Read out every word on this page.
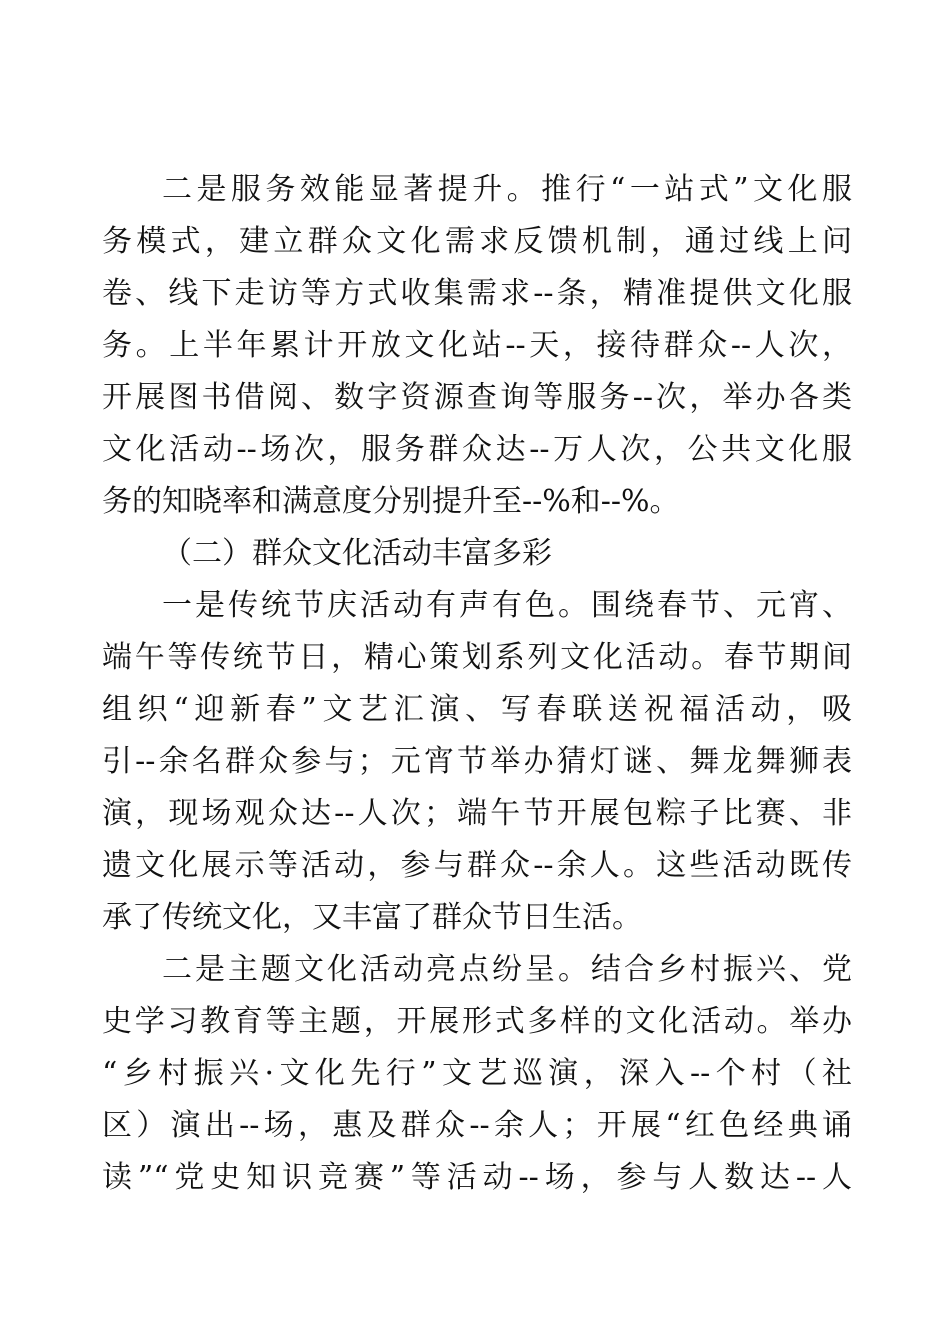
二是服务效能显著提升。推行“一站式”文化服
务模式，建立群众文化需求反馈机制，通过线上问
卷、线下走访等方式收集需求--条，精准提供文化服
务。上半年累计开放文化站--天，接待群众--人次，
开展图书借阅、数字资源查询等服务--次，举办各类
文化活动--场次，服务群众达--万人次，公共文化服
务的知晓率和满意度分别提升至--%和--%。
（二）群众文化活动丰富多彩
一是传统节庆活动有声有色。围绕春节、元宵、
端午等传统节日，精心策划系列文化活动。春节期间
组织“迎新春”文艺汇演、写春联送祝福活动，吸
引--余名群众参与；元宵节举办猜灯谜、舞龙舞狮表
演，现场观众达--人次；端午节开展包粽子比赛、非
遗文化展示等活动，参与群众--余人。这些活动既传
承了传统文化，又丰富了群众节日生活。
二是主题文化活动亮点纷呈。结合乡村振兴、党
史学习教育等主题，开展形式多样的文化活动。举办
“乡村振兴·文化先行”文艺巡演，深入--个村（社
区）演出--场，惠及群众--余人；开展“红色经典诵
读”“党史知识竞赛”等活动--场，参与人数达--人
